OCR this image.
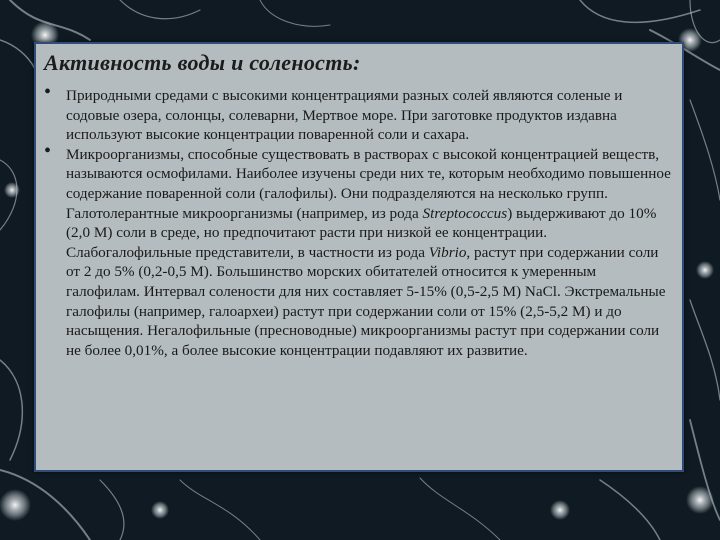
Активность воды и соленость:
• Природными средами с высокими концентрациями разных солей являются соленые и содовые озера, солонцы, солеварни, Мертвое море. При заготовке продуктов издавна используют высокие концентрации поваренной соли и сахара.
• Микроорганизмы, способные существовать в растворах с высокой концентрацией веществ, называются осмофилами. Наиболее изучены среди них те, которым необходимо повышенное содержание поваренной соли (галофилы). Они подразделяются на несколько групп. Галотолерантные микроорганизмы (например, из рода Streptococcus) выдерживают до 10% (2,0 М) соли в среде, но предпочитают расти при низкой ее концентрации. Слабогалофильные представители, в частности из рода Vibrio, растут при содержании соли от 2 до 5% (0,2-0,5 М). Большинство морских обитателей относится к умеренным галофилам. Интервал солености для них составляет 5-15% (0,5-2,5 М) NaCl. Экстремальные галофилы (например, галоархеи) растут при содержании соли от 15% (2,5-5,2 М) и до насыщения. Негалофильные (пресноводные) микроорганизмы растут при содержании соли не более 0,01%, а более высокие концентрации подавляют их развитие.
